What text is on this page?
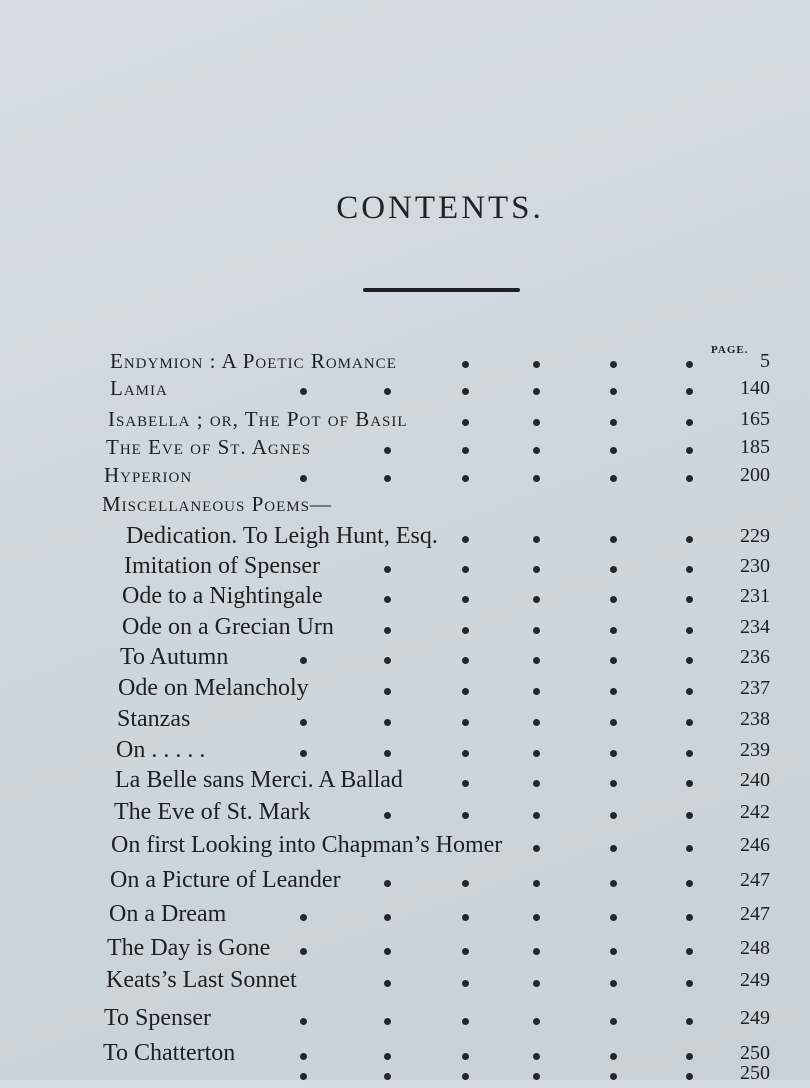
CONTENTS.
PAGE.
Endymion : A Poetic Romance	5
Lamia	140
Isabella ; or, The Pot of Basil	165
The Eve of St. Agnes	185
Hyperion	200
Miscellaneous Poems—
Dedication. To Leigh Hunt, Esq.	229
Imitation of Spenser	230
Ode to a Nightingale	231
Ode on a Grecian Urn	234
To Autumn	236
Ode on Melancholy	237
Stanzas	238
On . . . . .	239
La Belle sans Merci. A Ballad	240
The Eve of St. Mark	242
On first Looking into Chapman’s Homer	246
On a Picture of Leander	247
On a Dream	247
The Day is Gone	248
Keats’s Last Sonnet	249
To Spenser	249
To Chatterton	250
250
